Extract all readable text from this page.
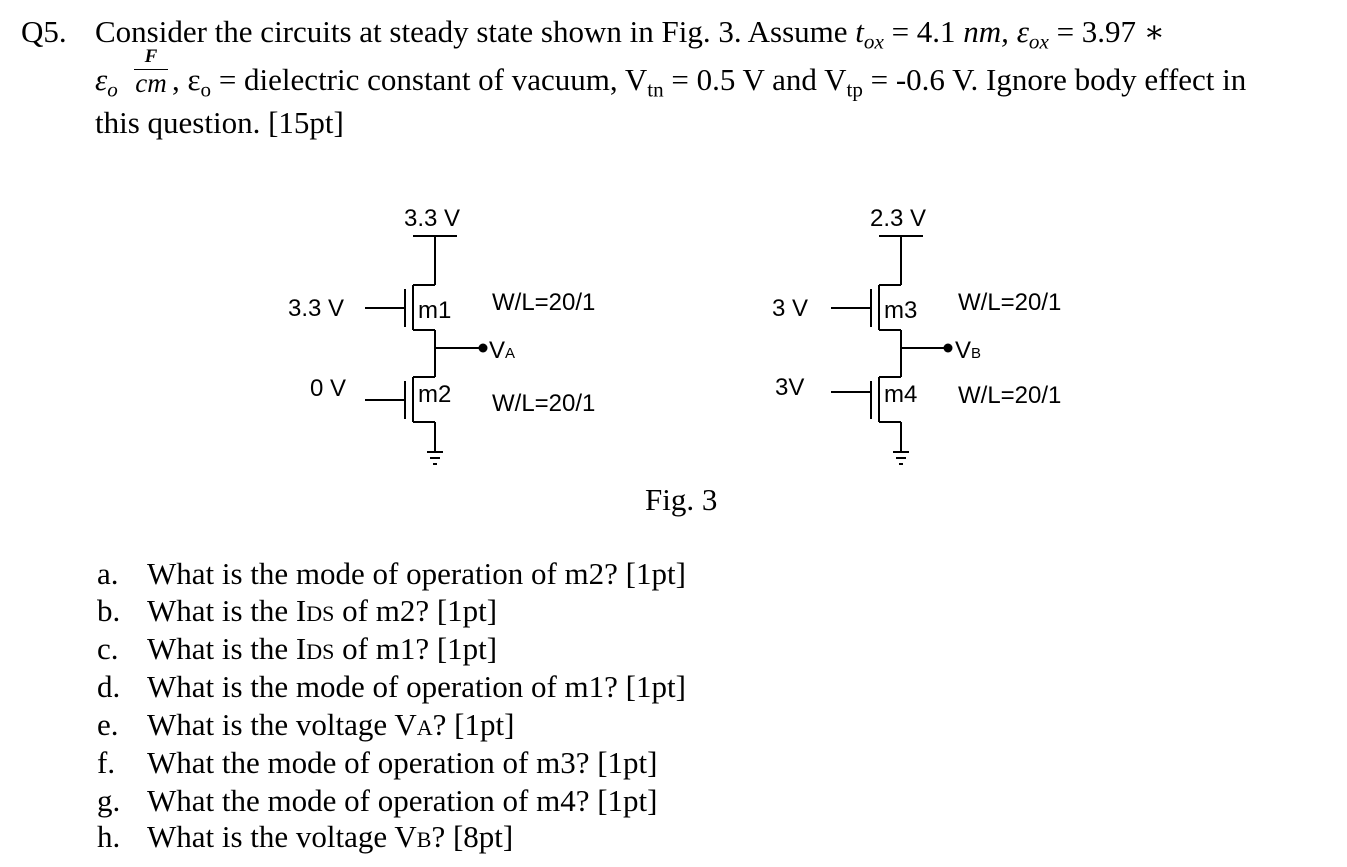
Q5. Consider the circuits at steady state shown in Fig. 3. Assume $t_{ox} = 4.1$ nm, $\varepsilon_{ox} = 3.97$ ∗
$\varepsilon_o$
F
cm , $\varepsilon_o$ = dielectric constant of vacuum, $V_{tn} = 0.5$ V and $V_{tp} = -0.6$ V. Ignore body effect in
this question. [15pt]
3.3 V
3.3 V	m1 W/L=20/1
VA
0 V	m2 W/L=20/1
2.3 V
3 V	m3 W/L=20/1
VB
3V	m4 W/L=20/1
Fig. 3
a. What is the mode of operation of m2? [1pt]
b. What is the IDS of m2? [1pt]
c. What is the IDS of m1? [1pt]
d. What is the mode of operation of m1? [1pt]
e. What is the voltage VA? [1pt]
f. What the mode of operation of m3? [1pt]
g. What the mode of operation of m4? [1pt]
h. What is the voltage VB? [8pt]
